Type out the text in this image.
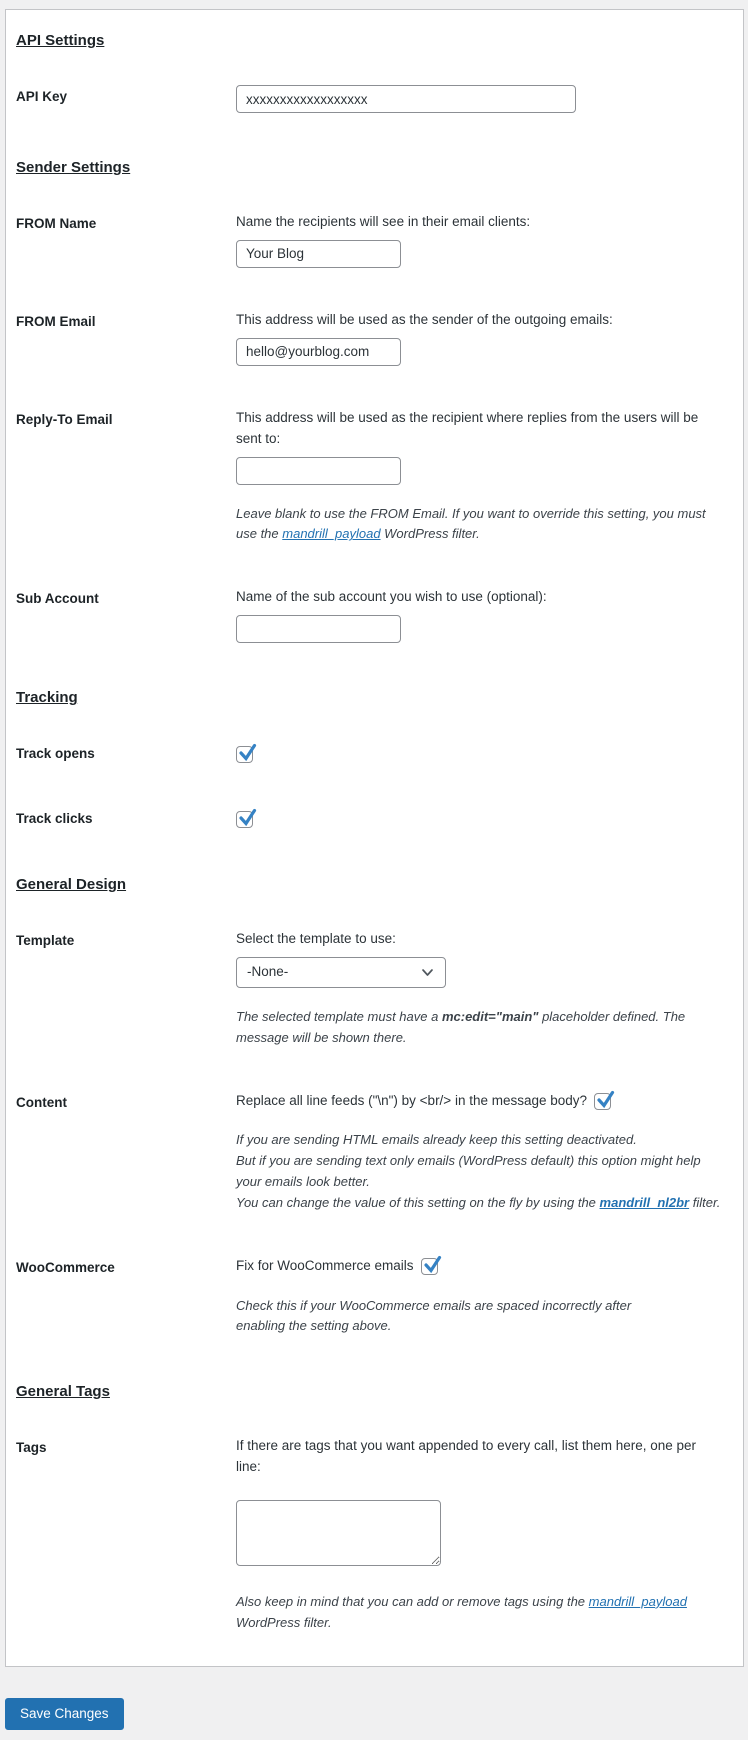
API Settings
API Key
xxxxxxxxxxxxxxxxxx
Sender Settings
FROM Name	Name the recipients will see in their email clients:

Your Blog
FROM Email	This address will be used as the sender of the outgoing emails:

hello@yourblog.com
Reply-To Email	This address will be used as the recipient where replies from the users will be sent to:

Leave blank to use the FROM Email. If you want to override this setting, you must use the mandrill_payload WordPress filter.

Sub Account	Name of the sub account you wish to use (optional):

Tracking
Track opens
Track clicks
General Design
Template	Select the template to use:

-None-

The selected template must have a mc:edit="main" placeholder defined. The message will be shown there.

Content	Replace all line feeds ("\n") by <br/> in the message body?

If you are sending HTML emails already keep this setting deactivated.
But if you are sending text only emails (WordPress default) this option might help your emails look better.
You can change the value of this setting on the fly by using the mandrill_nl2br filter.

WooCommerce	Fix for WooCommerce emails

Check this if your WooCommerce emails are spaced incorrectly after enabling the setting above.

General Tags
Tags	If there are tags that you want appended to every call, list them here, one per line:

Also keep in mind that you can add or remove tags using the mandrill_payload WordPress filter.

Save Changes
